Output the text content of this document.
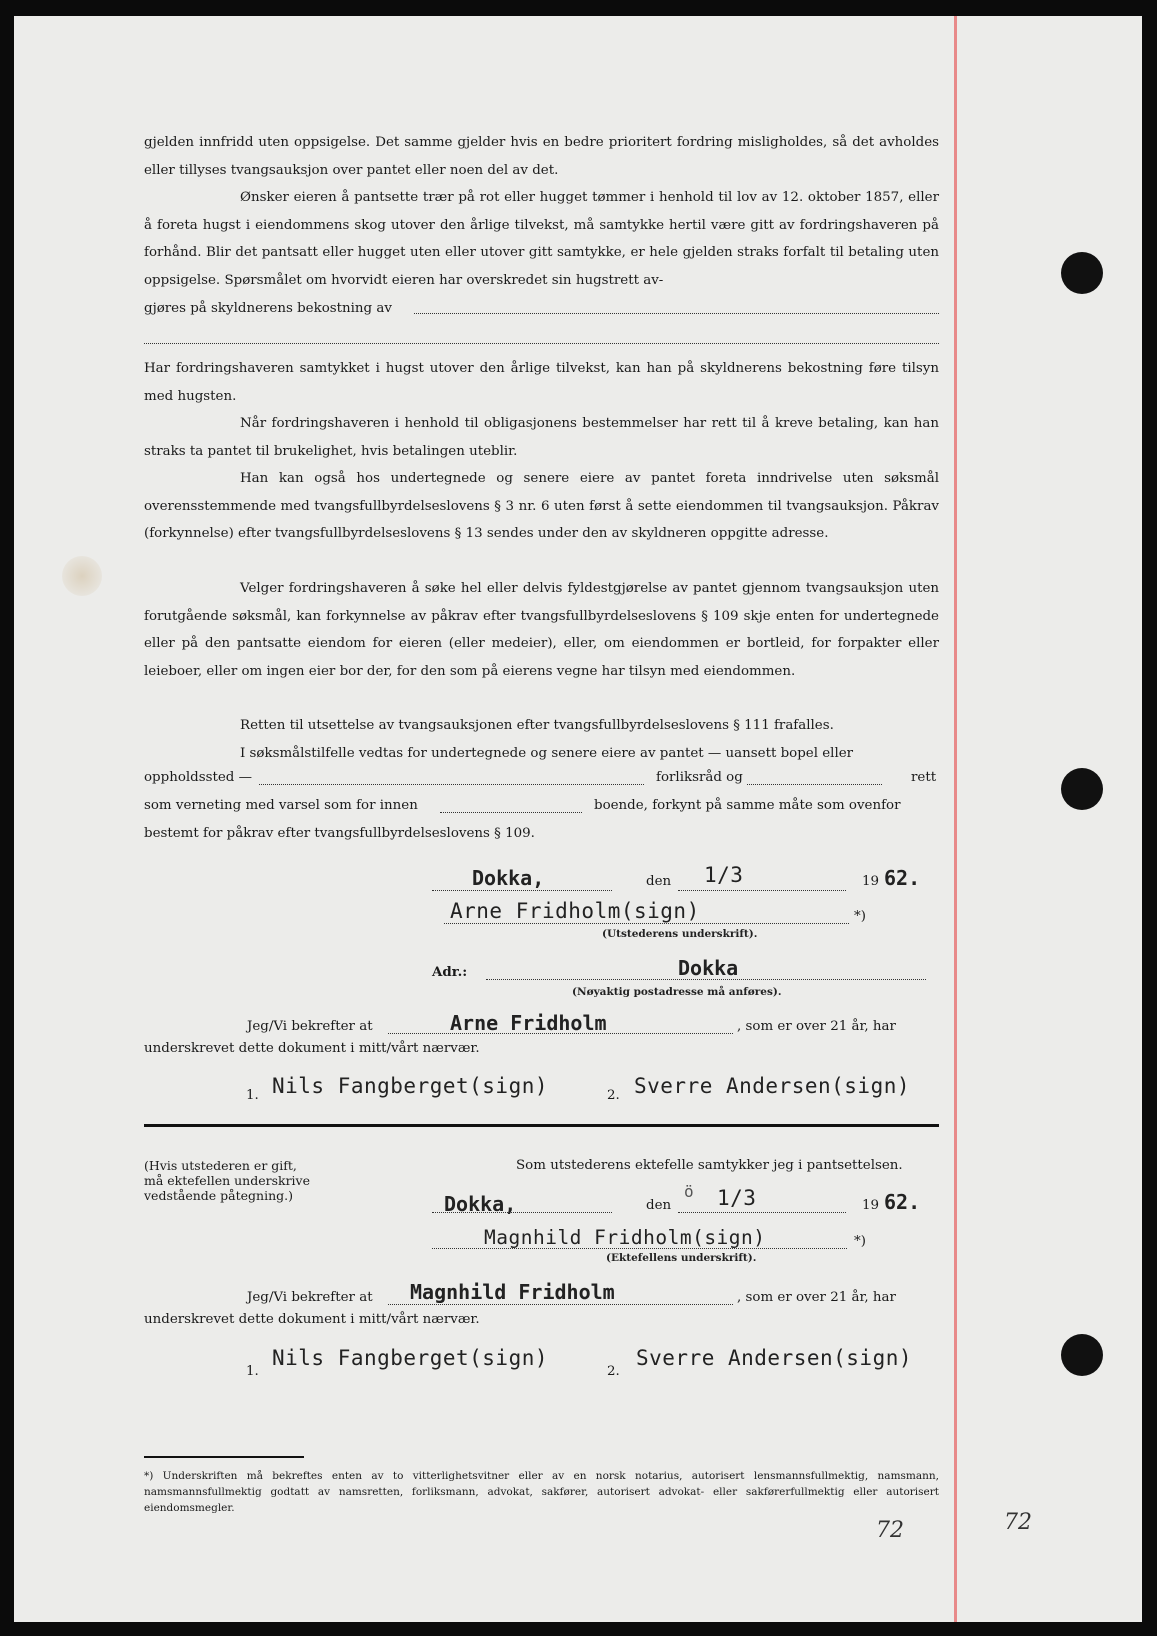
gjelden innfridd uten oppsigelse. Det samme gjelder hvis en bedre prioritert fordring misligholdes, så det avholdes eller tillyses tvangsauksjon over pantet eller noen del av det.
Ønsker eieren å pantsette trær på rot eller hugget tømmer i henhold til lov av 12. oktober 1857, eller å foreta hugst i eiendommens skog utover den årlige tilvekst, må samtykke hertil være gitt av fordringshaveren på forhånd. Blir det pantsatt eller hugget uten eller utover gitt samtykke, er hele gjelden straks forfalt til betaling uten oppsigelse. Spørsmålet om hvorvidt eieren har overskredet sin hugstrett av-
gjøres på skyldnerens bekostning av
Har fordringshaveren samtykket i hugst utover den årlige tilvekst, kan han på skyldnerens bekostning føre tilsyn med hugsten.
Når fordringshaveren i henhold til obligasjonens bestemmelser har rett til å kreve betaling, kan han straks ta pantet til brukelighet, hvis betalingen uteblir.
Han kan også hos undertegnede og senere eiere av pantet foreta inndrivelse uten søksmål overensstemmende med tvangsfullbyrdelseslovens § 3 nr. 6 uten først å sette eiendommen til tvangsauksjon. Påkrav (forkynnelse) efter tvangsfullbyrdelseslovens § 13 sendes under den av skyldneren oppgitte adresse.
Velger fordringshaveren å søke hel eller delvis fyldestgjørelse av pantet gjennom tvangsauksjon uten forutgående søksmål, kan forkynnelse av påkrav efter tvangsfullbyrdelseslovens § 109 skje enten for undertegnede eller på den pantsatte eiendom for eieren (eller medeier), eller, om eiendommen er bortleid, for forpakter eller leieboer, eller om ingen eier bor der, for den som på eierens vegne har tilsyn med eiendommen.
Retten til utsettelse av tvangsauksjonen efter tvangsfullbyrdelseslovens § 111 frafalles.
I søksmålstilfelle vedtas for undertegnede og senere eiere av pantet — uansett bopel eller
oppholdssted —	forliksråd og	rett
som verneting med varsel som for innen	boende, forkynt på samme måte som ovenfor
bestemt for påkrav efter tvangsfullbyrdelseslovens § 109.
Dokka,	den 1/3	19 62.
Arne Fridholm(sign)	*)
(Utstederens underskrift).
Adr.:	Dokka
(Nøyaktig postadresse må anføres).
Jeg/Vi bekrefter at	Arne Fridholm	, som er over 21 år, har
underskrevet dette dokument i mitt/vårt nærvær.
1. Nils Fangberget(sign)	2. Sverre Andersen(sign)
(Hvis utstederen er gift,
må ektefellen underskrive
vedstående påtegning.)
Som utstederens ektefelle samtykker jeg i pantsettelsen.
Dokka,	den
ö 1/3	19 62.
Magnhild Fridholm(sign)	*)
(Ektefellens underskrift).
Jeg/Vi bekrefter at Magnhild Fridholm	, som er over 21 år, har
underskrevet dette dokument i mitt/vårt nærvær.
1.
Nils Fangberget(sign)
2.
Sverre Andersen(sign)
*) Underskriften må bekreftes enten av to vitterlighetsvitner eller av en norsk notarius, autorisert lensmannsfullmektig, namsmann, namsmannsfullmektig godtatt av namsretten, forliksmann, advokat, sakfører, autorisert advokat- eller sakførerfullmektig eller autorisert eiendomsmegler.
72	72
